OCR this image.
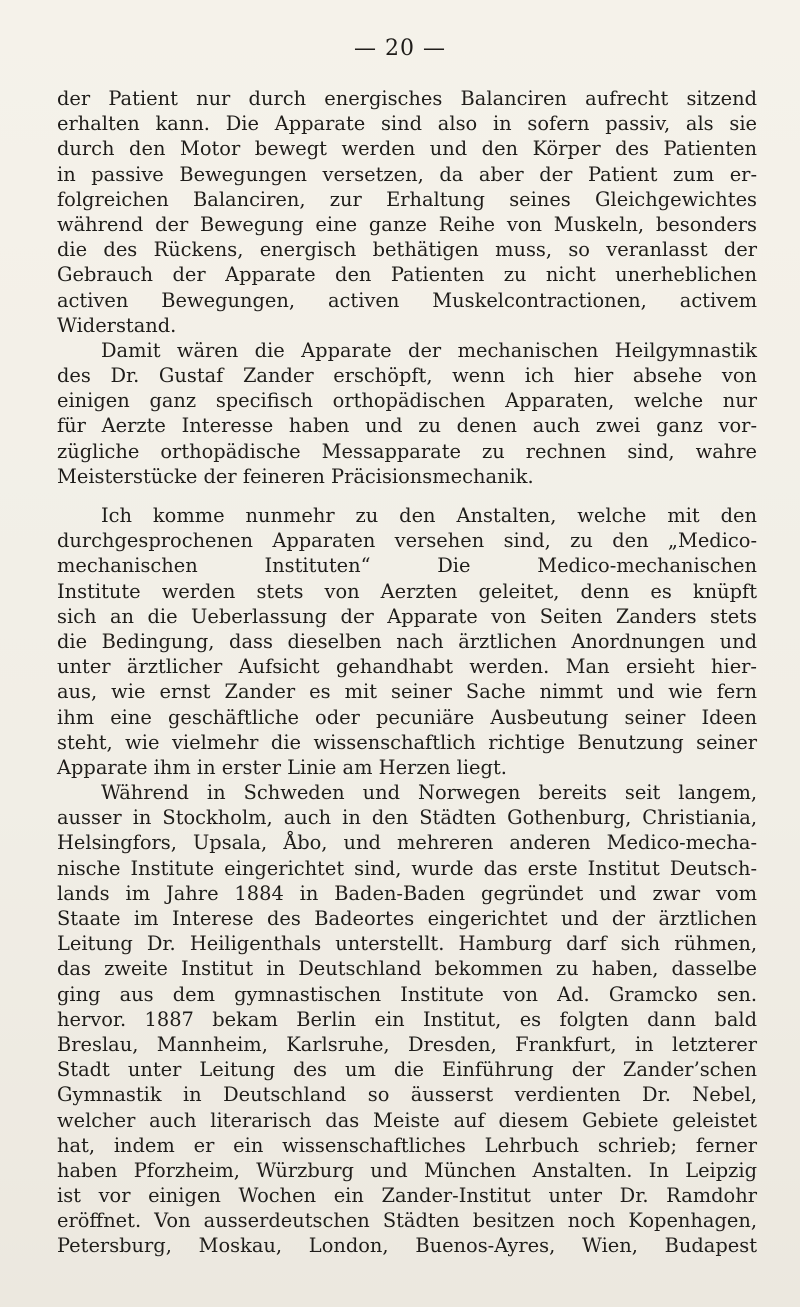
— 20 —
der Patient nur durch energisches Balanciren aufrecht sitzend
erhalten kann. Die Apparate sind also in sofern passiv, als sie
durch den Motor bewegt werden und den Körper des Patienten
in passive Bewegungen versetzen, da aber der Patient zum er-
folgreichen Balanciren, zur Erhaltung seines Gleichgewichtes
während der Bewegung eine ganze Reihe von Muskeln, besonders
die des Rückens, energisch bethätigen muss, so veranlasst der
Gebrauch der Apparate den Patienten zu nicht unerheblichen
activen Bewegungen, activen Muskelcontractionen, activem
Widerstand.
Damit wären die Apparate der mechanischen Heilgymnastik
des Dr. Gustaf Zander erschöpft, wenn ich hier absehe von
einigen ganz specifisch orthopädischen Apparaten, welche nur
für Aerzte Interesse haben und zu denen auch zwei ganz vor-
zügliche orthopädische Messapparate zu rechnen sind, wahre
Meisterstücke der feineren Präcisionsmechanik.
Ich komme nunmehr zu den Anstalten, welche mit den
durchgesprochenen Apparaten versehen sind, zu den „Medico-
mechanischen Instituten“ Die Medico-mechanischen
Institute werden stets von Aerzten geleitet, denn es knüpft
sich an die Ueberlassung der Apparate von Seiten Zanders stets
die Bedingung, dass dieselben nach ärztlichen Anordnungen und
unter ärztlicher Aufsicht gehandhabt werden. Man ersieht hier-
aus, wie ernst Zander es mit seiner Sache nimmt und wie fern
ihm eine geschäftliche oder pecuniäre Ausbeutung seiner Ideen
steht, wie vielmehr die wissenschaftlich richtige Benutzung seiner
Apparate ihm in erster Linie am Herzen liegt.
Während in Schweden und Norwegen bereits seit langem,
ausser in Stockholm, auch in den Städten Gothenburg, Christiania,
Helsingfors, Upsala, Åbo, und mehreren anderen Medico-mecha-
nische Institute eingerichtet sind, wurde das erste Institut Deutsch-
lands im Jahre 1884 in Baden-Baden gegründet und zwar vom
Staate im Interese des Badeortes eingerichtet und der ärztlichen
Leitung Dr. Heiligenthals unterstellt. Hamburg darf sich rühmen,
das zweite Institut in Deutschland bekommen zu haben, dasselbe
ging aus dem gymnastischen Institute von Ad. Gramcko sen.
hervor. 1887 bekam Berlin ein Institut, es folgten dann bald
Breslau, Mannheim, Karlsruhe, Dresden, Frankfurt, in letzterer
Stadt unter Leitung des um die Einführung der Zander’schen
Gymnastik in Deutschland so äusserst verdienten Dr. Nebel,
welcher auch literarisch das Meiste auf diesem Gebiete geleistet
hat, indem er ein wissenschaftliches Lehrbuch schrieb; ferner
haben Pforzheim, Würzburg und München Anstalten. In Leipzig
ist vor einigen Wochen ein Zander-Institut unter Dr. Ramdohr
eröffnet. Von ausserdeutschen Städten besitzen noch Kopenhagen,
Petersburg, Moskau, London, Buenos-Ayres, Wien, Budapest
